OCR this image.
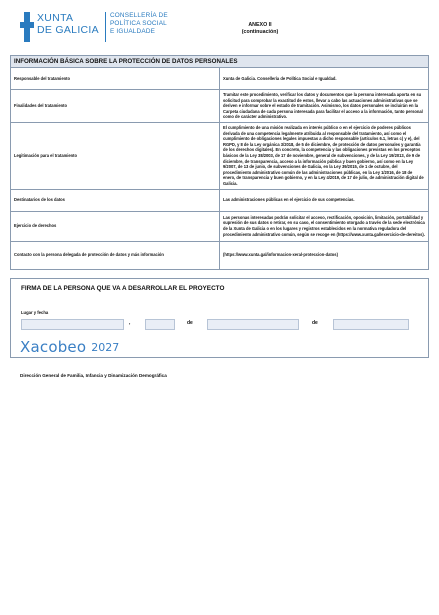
XUNTA
DE GALICIA
CONSELLERÍA DE
POLÍTICA SOCIAL
E IGUALDADE
ANEXO II
(continuación)
INFORMACIÓN BÁSICA SOBRE LA PROTECCIÓN DE DATOS PERSONALES	
Responsable del tratamiento	Xunta de Galicia. Consellería de Política Social e Igualdad.
Finalidades del tratamiento	Tramitar este procedimiento, verificar los datos y documentos que la persona interesada aporta en su solicitud para comprobar la exactitud de estos, llevar a cabo las actuaciones administrativas que se deriven e informar sobre el estado de tramitación. Asimismo, los datos personales se incluirán en la Carpeta ciudadana de cada persona interesada para facilitar el acceso a la información, tanto personal como de carácter administrativo.
Legitimación para el tratamiento	El cumplimiento de una misión realizada en interés público o en el ejercicio de poderes públicos derivada de una competencia legalmente atribuida al responsable del tratamiento, así como el cumplimiento de obligaciones legales impuestas a dicho responsable (artículos 6.1, letras c) y e), del RGPD, y 8 de la Ley orgánica 3/2018, de 5 de diciembre, de protección de datos personales y garantía de los derechos digitales). En concreto, la competencia y las obligaciones previstas en los preceptos básicos de la Ley 38/2003, de 17 de noviembre, general de subvenciones, y de la Ley 19/2013, de 9 de diciembre, de transparencia, acceso a la información pública y buen gobierno, así como en la Ley 9/2007, de 13 de junio, de subvenciones de Galicia, en la Ley 39/2015, de 1 de octubre, del procedimiento administrativo común de las administraciones públicas, en la Ley 1/2016, de 18 de enero, de transparencia y buen gobierno, y en la Ley 4/2019, de 17 de julio, de administración digital de Galicia.
Destinatarios de los datos	Las administraciones públicas en el ejercicio de sus competencias.
Ejercicio de derechos	Las personas interesadas podrán solicitar el acceso, rectificación, oposición, limitación, portabilidad y supresión de sus datos o retirar, en su caso, el consentimiento otorgado a través de la sede electrónica de la Xunta de Galicia o en los lugares y registros establecidos en la normativa reguladora del procedimiento administrativo común, según se recoge en (https://www.xunta.gal/exercicio-de-dereitos).
Contacto con la persona delegada de protección de datos y más información	(https://www.xunta.gal/informacion-xeral-proteccion-datos)
FIRMA DE LA PERSONA QUE VA A DESARROLLAR EL PROYECTO
Lugar y fecha
,	de	de
Xacobeo 2027
Dirección General de Familia, Infancia y Dinamización Demográfica
